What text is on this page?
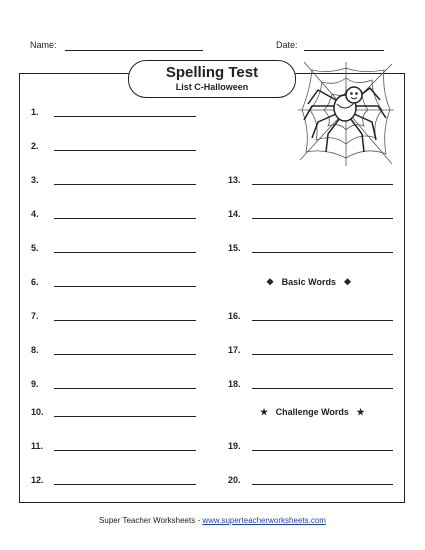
Name:	Date:
Spelling Test
List C-Halloween
1.
2.
3.
4.
5.
6.
7.
8.
9.
10.
11.
12.
13.
14.
15.
❖ Basic Words ❖
16.
17.
18.
★ Challenge Words ★
19.
20.
Super Teacher Worksheets - www.superteacherworksheets.com
